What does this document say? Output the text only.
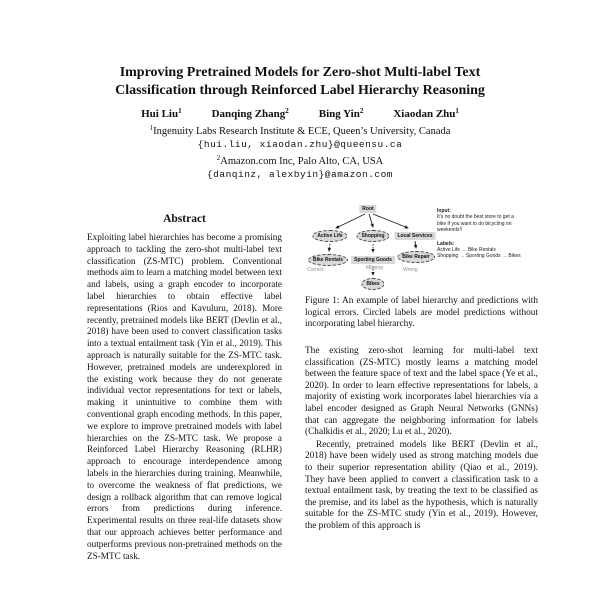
Improving Pretrained Models for Zero-shot Multi-label Text Classification through Reinforced Label Hierarchy Reasoning
Hui Liu$^1$	Danqing Zhang$^2$	Bing Yin$^2$	Xiaodan Zhu$^1$
$^1$Ingenuity Labs Research Institute & ECE, Queen’s University, Canada
{hui.liu, xiaodan.zhu}@queensu.ca
$^2$Amazon.com Inc, Palo Alto, CA, USA
{danqinz, alexbyin}@amazon.com
Abstract

Exploiting label hierarchies has become a promising approach to tackling the zero-shot multi-label text classification (ZS-MTC) problem. Conventional methods aim to learn a matching model between text and labels, using a graph encoder to incorporate label hierarchies to obtain effective label representations (Rios and Kavuluru, 2018). More recently, pretrained models like BERT (Devlin et al., 2018) have been used to convert classification tasks into a textual entailment task (Yin et al., 2019). This approach is naturally suitable for the ZS-MTC task. However, pretrained models are underexplored in the existing work because they do not generate individual vector representations for text or labels, making it unintuitive to combine them with conventional graph encoding methods. In this paper, we explore to improve pretrained models with label hierarchies on the ZS-MTC task. We propose a Reinforced Label Hierarchy Reasoning (RLHR) approach to encourage interdependence among labels in the hierarchies during training. Meanwhile, to overcome the weakness of flat predictions, we design a rollback algorithm that can remove logical errors from predictions during inference. Experimental results on three real-life datasets show that our approach achieves better performance and outperforms previous non-pretrained methods on the ZS-MTC task.

Root
Active Life	Shopping	Local Services
Bike Rentals	Sporting Goods	Bike Repair
Bikes
Correct	Missing	Wrong
Input:
It’s no doubt the best store to get a bike if you want to do bicycling on weekends!!
Labels:
Active Life → Bike Rentals
Shopping → Sporting Goods → Bikes

Figure 1: An example of label hierarchy and predictions with logical errors. Circled labels are model predictions without incorporating label hierarchy.

The existing zero-shot learning for multi-label text classification (ZS-MTC) mostly learns a matching model between the feature space of text and the label space (Ye et al., 2020). In order to learn effective representations for labels, a majority of existing work incorporates label hierarchies via a label encoder designed as Graph Neural Networks (GNNs) that can aggregate the neighboring information for labels (Chalkidis et al., 2020; Lu et al., 2020).

Recently, pretrained models like BERT (Devlin et al., 2018) have been widely used as strong matching models due to their superior representation ability (Qiao et al., 2019). They have been applied to convert a classification task to a textual entailment task, by treating the text to be classified as the premise, and its label as the hypothesis, which is naturally suitable for the ZS-MTC study (Yin et al., 2019). However, the problem of this approach is
